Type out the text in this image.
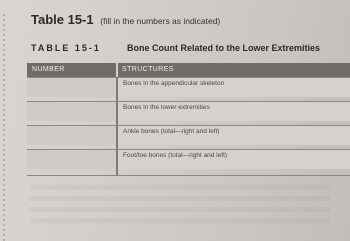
Table 15-1 (fill in the numbers as indicated)
TABLE 15-1	Bone Count Related to the Lower Extremities
NUMBER	STRUCTURES
Bones in the appendicular skeleton
Bones in the lower extremities
Ankle bones (total—right and left)
Foot/toe bones (total—right and left)
